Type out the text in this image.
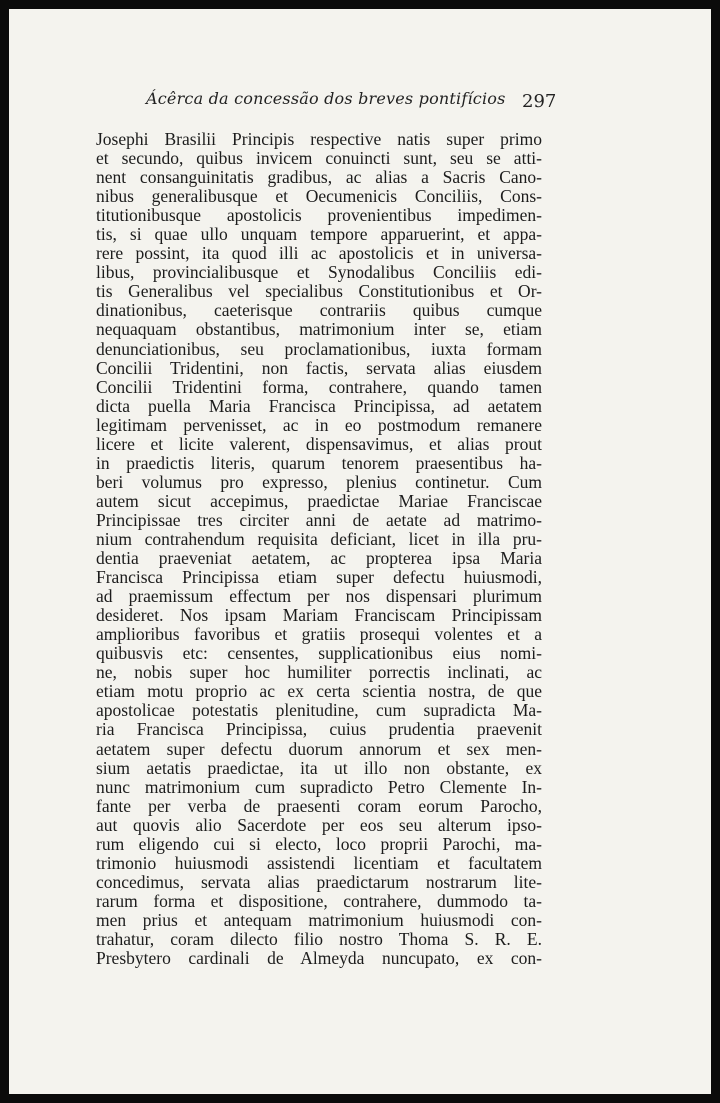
Ácêrca da concessão dos breves pontifícios 297
Josephi Brasilii Principis respective natis super primo
et secundo, quibus invicem conuincti sunt, seu se atti-
nent consanguinitatis gradibus, ac alias a Sacris Cano-
nibus generalibusque et Oecumenicis Conciliis, Cons-
titutionibusque apostolicis provenientibus impedimen-
tis, si quae ullo unquam tempore apparuerint, et appa-
rere possint, ita quod illi ac apostolicis et in universa-
libus, provincialibusque et Synodalibus Conciliis edi-
tis Generalibus vel specialibus Constitutionibus et Or-
dinationibus, caeterisque contrariis quibus cumque
nequaquam obstantibus, matrimonium inter se, etiam
denunciationibus, seu proclamationibus, iuxta formam
Concilii Tridentini, non factis, servata alias eiusdem
Concilii Tridentini forma, contrahere, quando tamen
dicta puella Maria Francisca Principissa, ad aetatem
legitimam pervenisset, ac in eo postmodum remanere
licere et licite valerent, dispensavimus, et alias prout
in praedictis literis, quarum tenorem praesentibus ha-
beri volumus pro expresso, plenius continetur. Cum
autem sicut accepimus, praedictae Mariae Franciscae
Principissae tres circiter anni de aetate ad matrimo-
nium contrahendum requisita deficiant, licet in illa pru-
dentia praeveniat aetatem, ac propterea ipsa Maria
Francisca Principissa etiam super defectu huiusmodi,
ad praemissum effectum per nos dispensari plurimum
desideret. Nos ipsam Mariam Franciscam Principissam
amplioribus favoribus et gratiis prosequi volentes et a
quibusvis etc: censentes, supplicationibus eius nomi-
ne, nobis super hoc humiliter porrectis inclinati, ac
etiam motu proprio ac ex certa scientia nostra, de que
apostolicae potestatis plenitudine, cum supradicta Ma-
ria Francisca Principissa, cuius prudentia praevenit
aetatem super defectu duorum annorum et sex men-
sium aetatis praedictae, ita ut illo non obstante, ex
nunc matrimonium cum supradicto Petro Clemente In-
fante per verba de praesenti coram eorum Parocho,
aut quovis alio Sacerdote per eos seu alterum ipso-
rum eligendo cui si electo, loco proprii Parochi, ma-
trimonio huiusmodi assistendi licentiam et facultatem
concedimus, servata alias praedictarum nostrarum lite-
rarum forma et dispositione, contrahere, dummodo ta-
men prius et antequam matrimonium huiusmodi con-
trahatur, coram dilecto filio nostro Thoma S. R. E.
Presbytero cardinali de Almeyda nuncupato, ex con-
